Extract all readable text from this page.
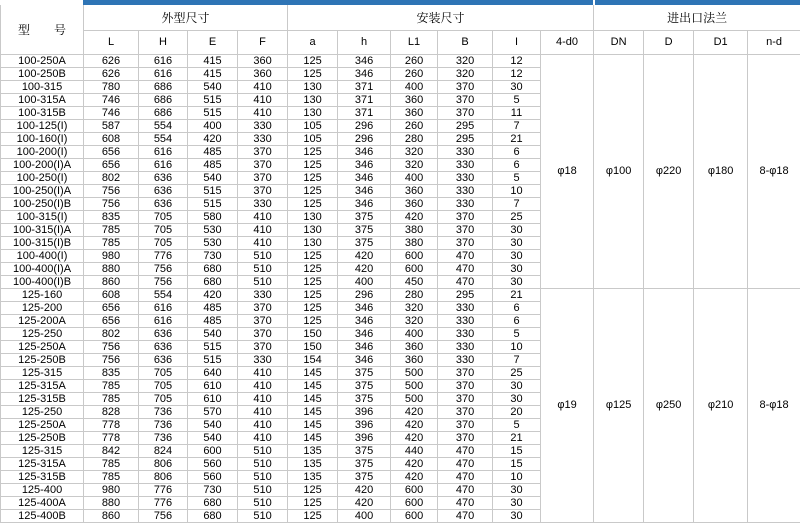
型　　号	外型尺寸				安装尺寸						进出口法兰			
	L	H	E	F	a	h	L1	B	I	4-d0	DN	D	D1	n-d
100-250A	626	616	415	360	125	346	260	320	12	φ18	φ100	φ220	φ180	8-φ18
100-250B	626	616	415	360	125	346	260	320	12					
100-315	780	686	540	410	130	371	400	370	30					
100-315A	746	686	515	410	130	371	360	370	5					
100-315B	746	686	515	410	130	371	360	370	11					
100-125(I)	587	554	400	330	105	296	260	295	7					
100-160(I)	608	554	420	330	105	296	280	295	21					
100-200(I)	656	616	485	370	125	346	320	330	6					
100-200(I)A	656	616	485	370	125	346	320	330	6					
100-250(I)	802	636	540	370	125	346	400	330	5					
100-250(I)A	756	636	515	370	125	346	360	330	10					
100-250(I)B	756	636	515	330	125	346	360	330	7					
100-315(I)	835	705	580	410	130	375	420	370	25					
100-315(I)A	785	705	530	410	130	375	380	370	30					
100-315(I)B	785	705	530	410	130	375	380	370	30					
100-400(I)	980	776	730	510	125	420	600	470	30					
100-400(I)A	880	756	680	510	125	420	600	470	30					
100-400(I)B	860	756	680	510	125	400	450	470	30					
125-160	608	554	420	330	125	296	280	295	21	φ19	φ125	φ250	φ210	8-φ18
125-200	656	616	485	370	125	346	320	330	6					
125-200A	656	616	485	370	125	346	320	330	6					
125-250	802	636	540	370	150	346	400	330	5					
125-250A	756	636	515	370	150	346	360	330	10					
125-250B	756	636	515	330	154	346	360	330	7					
125-315	835	705	640	410	145	375	500	370	25					
125-315A	785	705	610	410	145	375	500	370	30					
125-315B	785	705	610	410	145	375	500	370	30					
125-250	828	736	570	410	145	396	420	370	20					
125-250A	778	736	540	410	145	396	420	370	5					
125-250B	778	736	540	410	145	396	420	370	21					
125-315	842	824	600	510	135	375	440	470	15					
125-315A	785	806	560	510	135	375	420	470	15					
125-315B	785	806	560	510	135	375	420	470	10					
125-400	980	776	730	510	125	420	600	470	30					
125-400A	880	776	680	510	125	420	600	470	30					
125-400B	860	756	680	510	125	400	600	470	30					
